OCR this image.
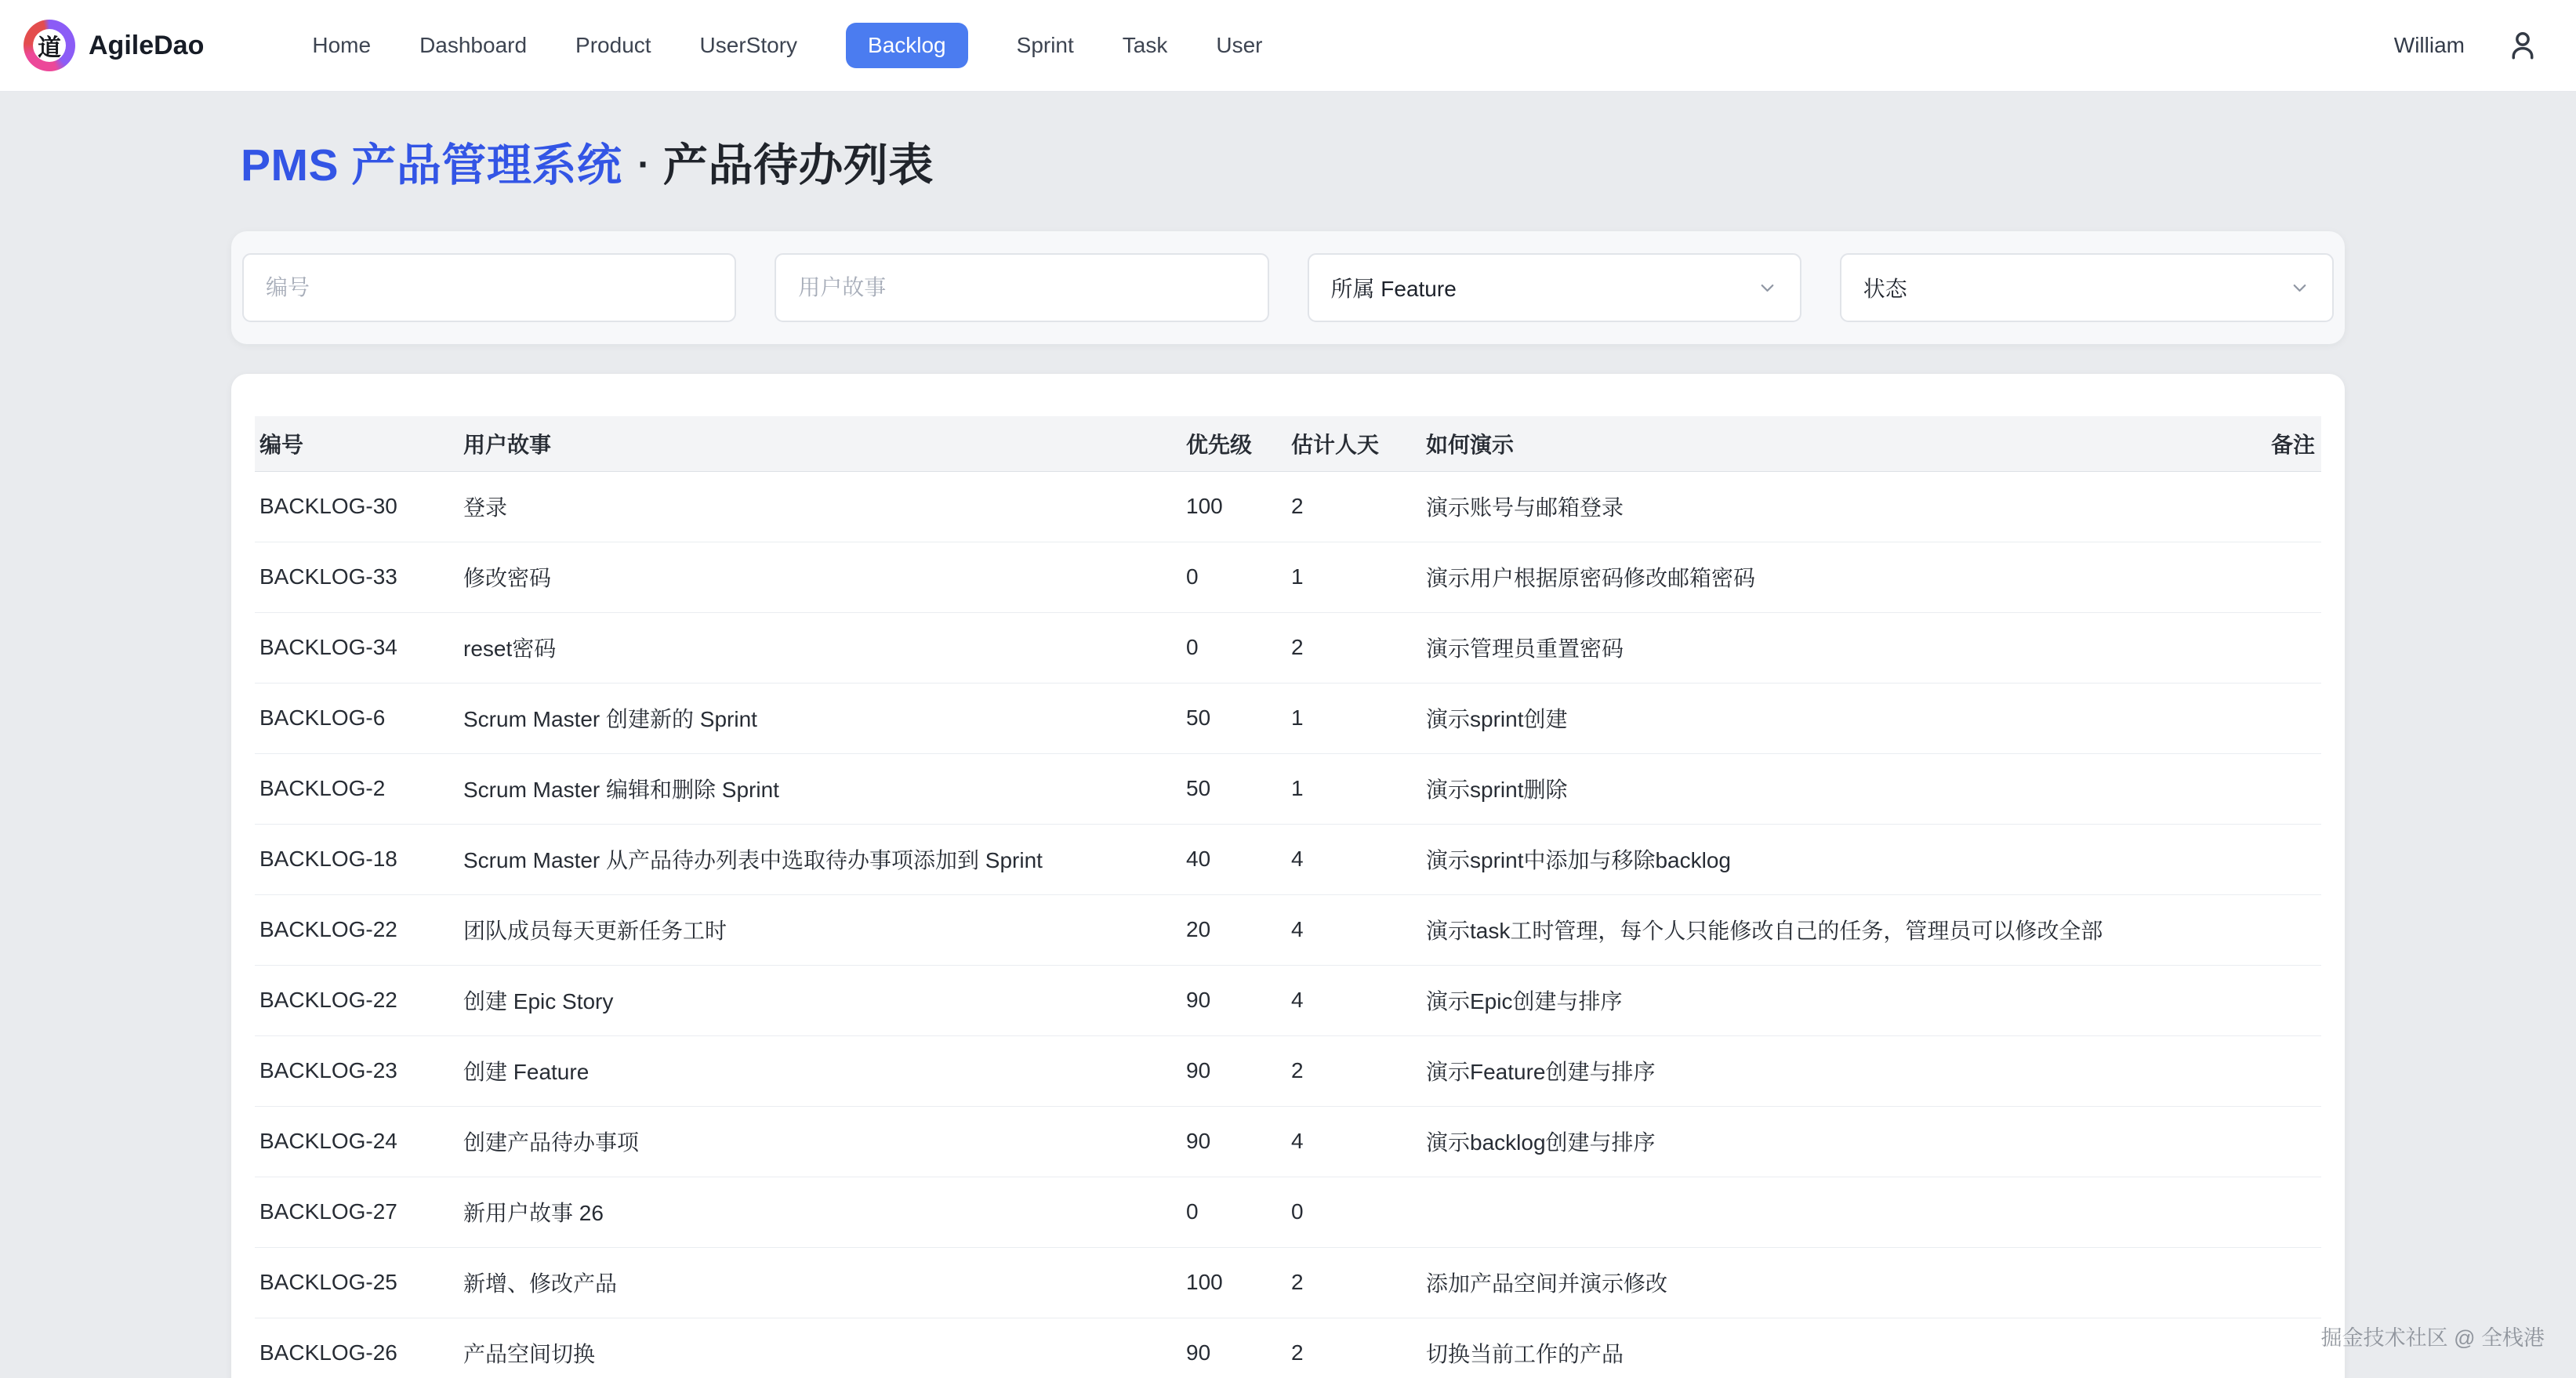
道 AgileDao	Home Dashboard Product UserStory	Backlog	Sprint Task User	William
PMS 产品管理系统 · 产品待办列表
编号
用户故事
所属 Feature	状态
编号	用户故事	优先级	估计人天	如何演示	备注
BACKLOG-30	登录	100	2	演示账号与邮箱登录	
BACKLOG-33	修改密码	0	1	演示用户根据原密码修改邮箱密码	
BACKLOG-34	reset密码	0	2	演示管理员重置密码	
BACKLOG-6	Scrum Master 创建新的 Sprint	50	1	演示sprint创建	
BACKLOG-2	Scrum Master 编辑和删除 Sprint	50	1	演示sprint删除	
BACKLOG-18	Scrum Master 从产品待办列表中选取待办事项添加到 Sprint	40	4	演示sprint中添加与移除backlog	
BACKLOG-22	团队成员每天更新任务工时	20	4	演示task工时管理，每个人只能修改自己的任务，管理员可以修改全部	
BACKLOG-22	创建 Epic Story	90	4	演示Epic创建与排序	
BACKLOG-23	创建 Feature	90	2	演示Feature创建与排序	
BACKLOG-24	创建产品待办事项	90	4	演示backlog创建与排序	
BACKLOG-27	新用户故事 26	0	0		
BACKLOG-25	新增、修改产品	100	2	添加产品空间并演示修改	
BACKLOG-26	产品空间切换	90	2	切换当前工作的产品	
掘金技术社区 @ 全栈港
